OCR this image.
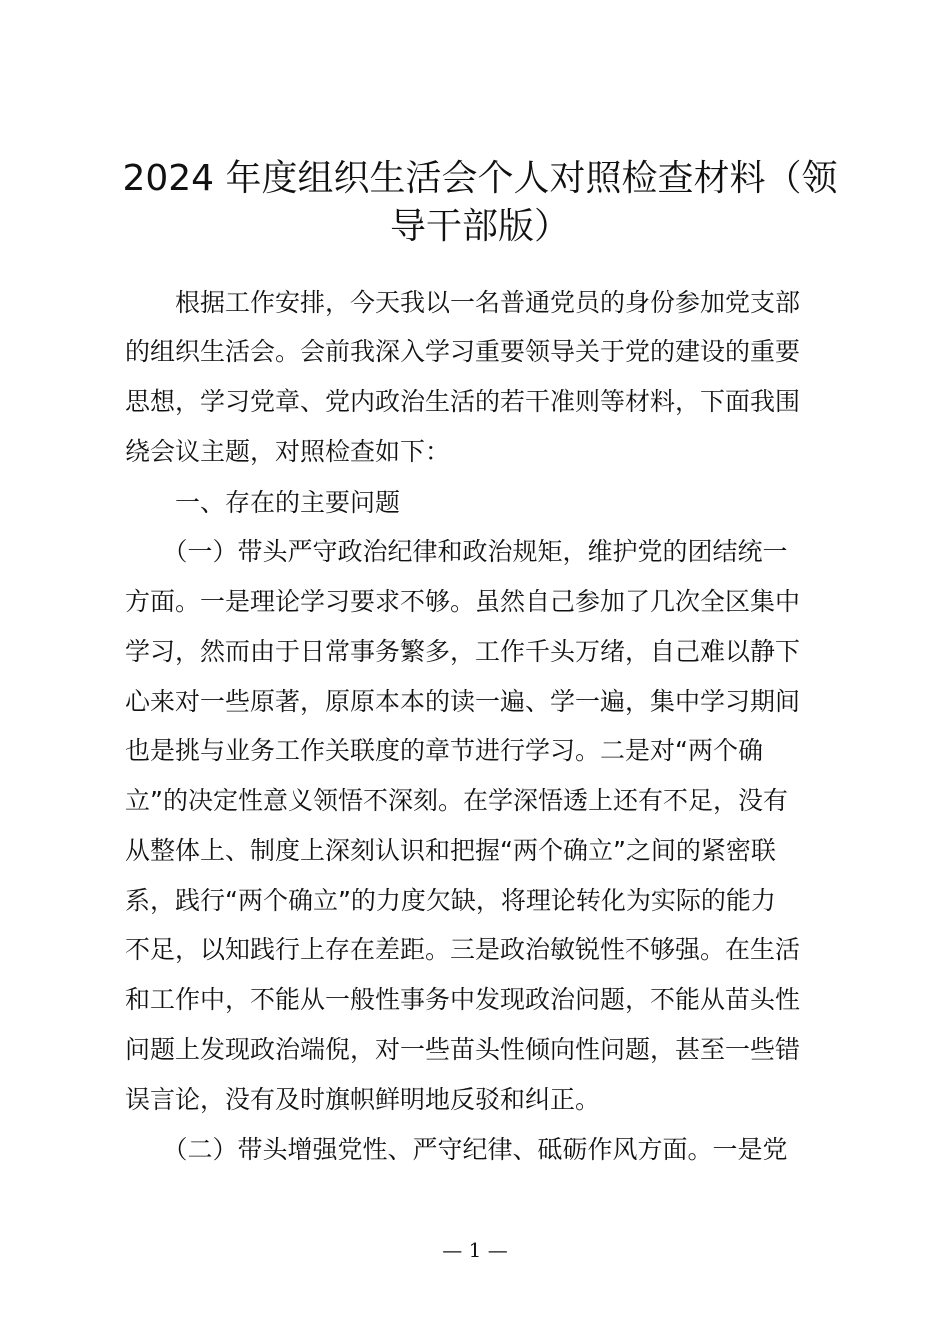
2024 年度组织生活会个人对照检查材料（领
导干部版）
　　根据工作安排，今天我以一名普通党员的身份参加党支部
的组织生活会。会前我深入学习重要领导关于党的建设的重要
思想，学习党章、党内政治生活的若干准则等材料，下面我围
绕会议主题，对照检查如下：
　　一、存在的主要问题
　　（一）带头严守政治纪律和政治规矩，维护党的团结统一
方面。一是理论学习要求不够。虽然自己参加了几次全区集中
学习，然而由于日常事务繁多，工作千头万绪，自己难以静下
心来对一些原著，原原本本的读一遍、学一遍，集中学习期间
也是挑与业务工作关联度的章节进行学习。二是对“两个确
立”的决定性意义领悟不深刻。在学深悟透上还有不足，没有
从整体上、制度上深刻认识和把握“两个确立”之间的紧密联
系，践行“两个确立”的力度欠缺，将理论转化为实际的能力
不足，以知践行上存在差距。三是政治敏锐性不够强。在生活
和工作中，不能从一般性事务中发现政治问题，不能从苗头性
问题上发现政治端倪，对一些苗头性倾向性问题，甚至一些错
误言论，没有及时旗帜鲜明地反驳和纠正。
　　（二）带头增强党性、严守纪律、砥砺作风方面。一是党
— 1 —
